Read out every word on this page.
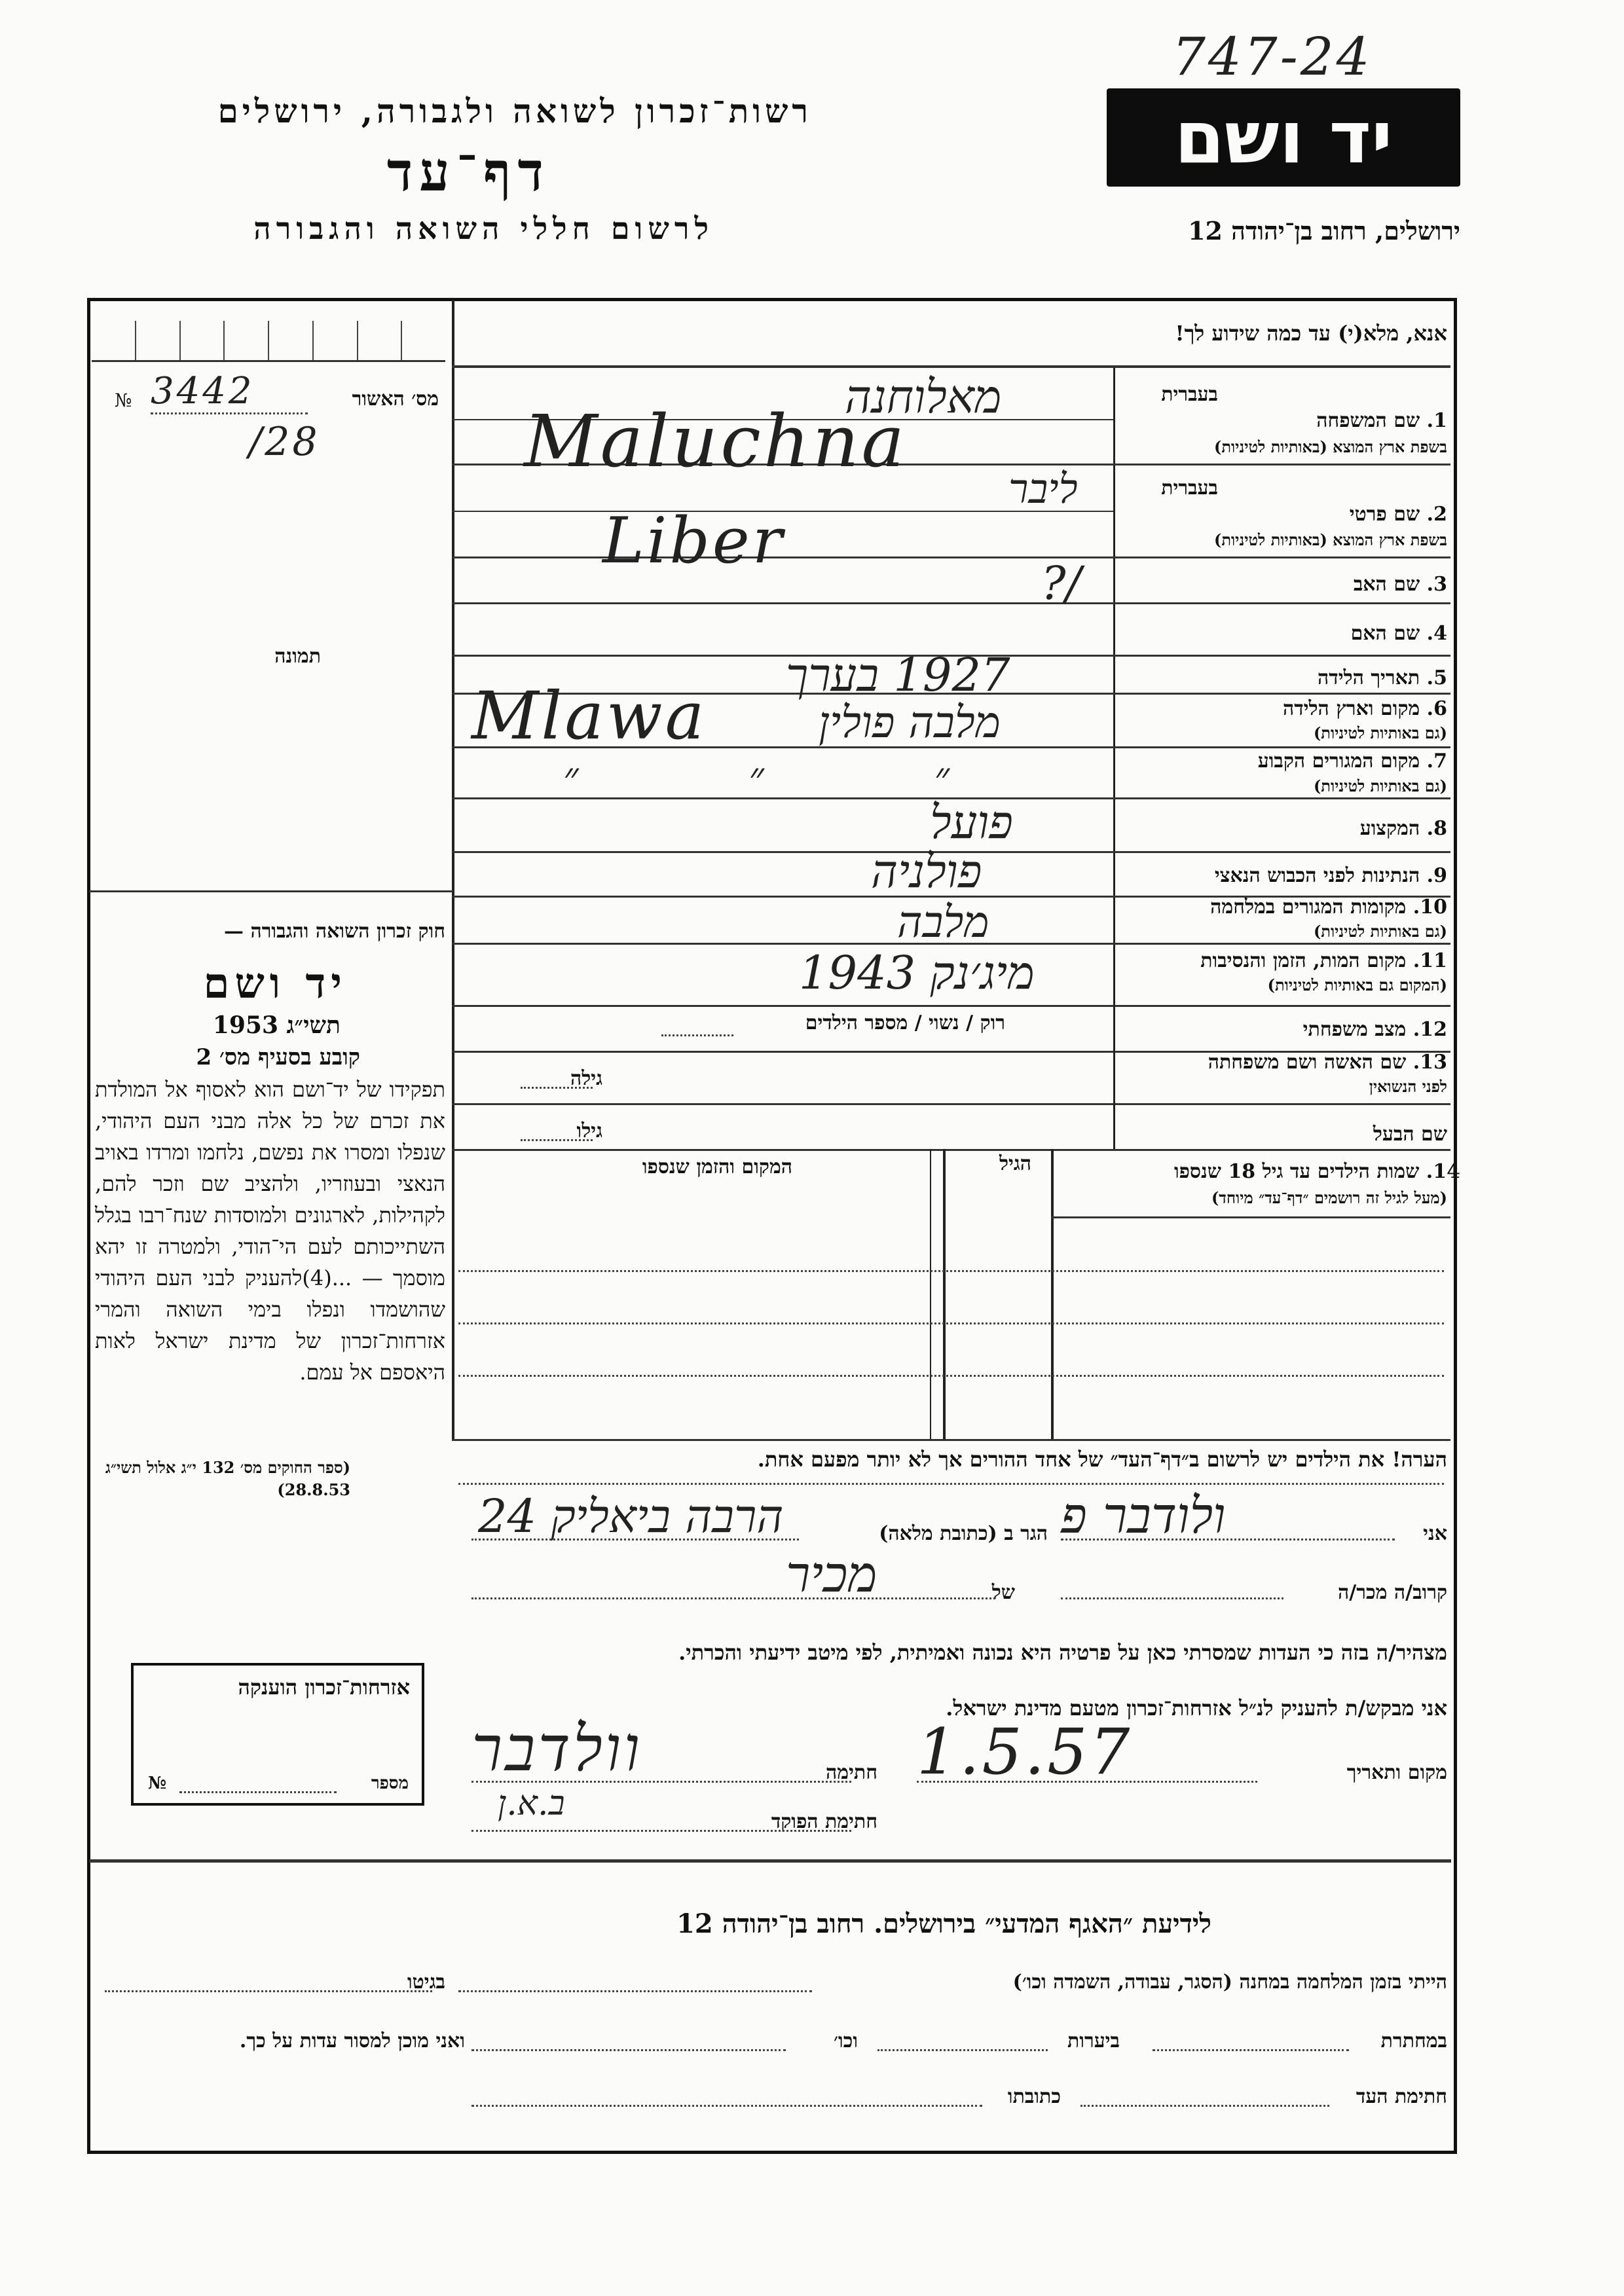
747-24
רשות־זכרון לשואה ולגבורה, ירושלים
דף־עד
לרשום חללי השואה והגבורה
יד ושם
ירושלים, רחוב בן־יהודה 12
№ 3442	מס׳ האשור
/28
תמונה
חוק זכרון השואה והגבורה —
יד ושם
תשי״ג 1953
קובע בסעיף מס׳ 2
תפקידו של יד־ושם הוא לאסוף אל המולדת את זכרם של כל אלה מבני העם היהודי, שנפלו ומסרו את נפשם, נלחמו ומרדו באויב הנאצי ובעוזריו, ולהציב שם וזכר להם, לקהילות, לארגונים ולמוסדות שנח־רבו בגלל השתייכותם לעם הי־הודי, ולמטרה זו יהא מוסמך — ...(4)להעניק לבני העם היהודי שהושמדו ונפלו בימי השואה והמרי אזרחות־זכרון של מדינת ישראל לאות היאספם אל עמם.
(ספר החוקים מס׳ 132 י״ג אלול תשי״ג 28.8.53)
אזרחות־זכרון הוענקה
מספר
№
אנא, מלא(י) עד כמה שידוע לך!
בעברית
1. שם המשפחה
בשפת ארץ המוצא (באותיות לטיניות)
מאלוחנה
Maluchna
בעברית
2. שם פרטי
בשפת ארץ המוצא (באותיות לטיניות)
ליבר
Liber
3. שם האב
/?
4. שם האם
5. תאריך הלידה
1927 בערך
6. מקום וארץ הלידה
(גם באותיות לטיניות)
מלבה פולין
Mlawa
7. מקום המגורים הקבוע
(גם באותיות לטיניות)
״ ״ ״
8. המקצוע
פועל
9. הנתינות לפני הכבוש הנאצי
פולניה
10. מקומות המגורים במלחמה
(גם באותיות לטיניות)
מלבה
11. מקום המות, הזמן והנסיבות
(המקום גם באותיות לטיניות)
מיג׳נק 1943
12. מצב משפחתי
רוק / נשוי / מספר הילדים
13. שם האשה ושם משפחתה
לפני הנשואין
גילה
שם הבעל
גילו
14. שמות הילדים עד גיל 18 שנספו
(מעל לגיל זה רושמים ״דף־עד״ מיוחד)
הגיל
המקום והזמן שנספו
הערה! את הילדים יש לרשום ב״דף־העד״ של אחד ההורים אך לא יותר מפעם אחת.
אני
ולודבר פ
הגר ב (כתובת מלאה)
הרבה ביאליק 24
קרוב/ה מכר/ה
של
מכיר
מצהיר/ה בזה כי העדות שמסרתי כאן על פרטיה היא נכונה ואמיתית, לפי מיטב ידיעתי והכרתי.
אני מבקש/ת להעניק לנ״ל אזרחות־זכרון מטעם מדינת ישראל.
מקום ותאריך
1.5.57
חתימה
וולדבר
חתימת הפוקד
ב.א.ן
לידיעת ״האגף המדעי״ בירושלים. רחוב בן־יהודה 12
הייתי בזמן המלחמה במחנה (הסגר, עבודה, השמדה וכו׳)
בגיטו
במחתרת
ביערות
וכו׳
ואני מוכן למסור עדות על כך.
חתימת העד
כתובתו
